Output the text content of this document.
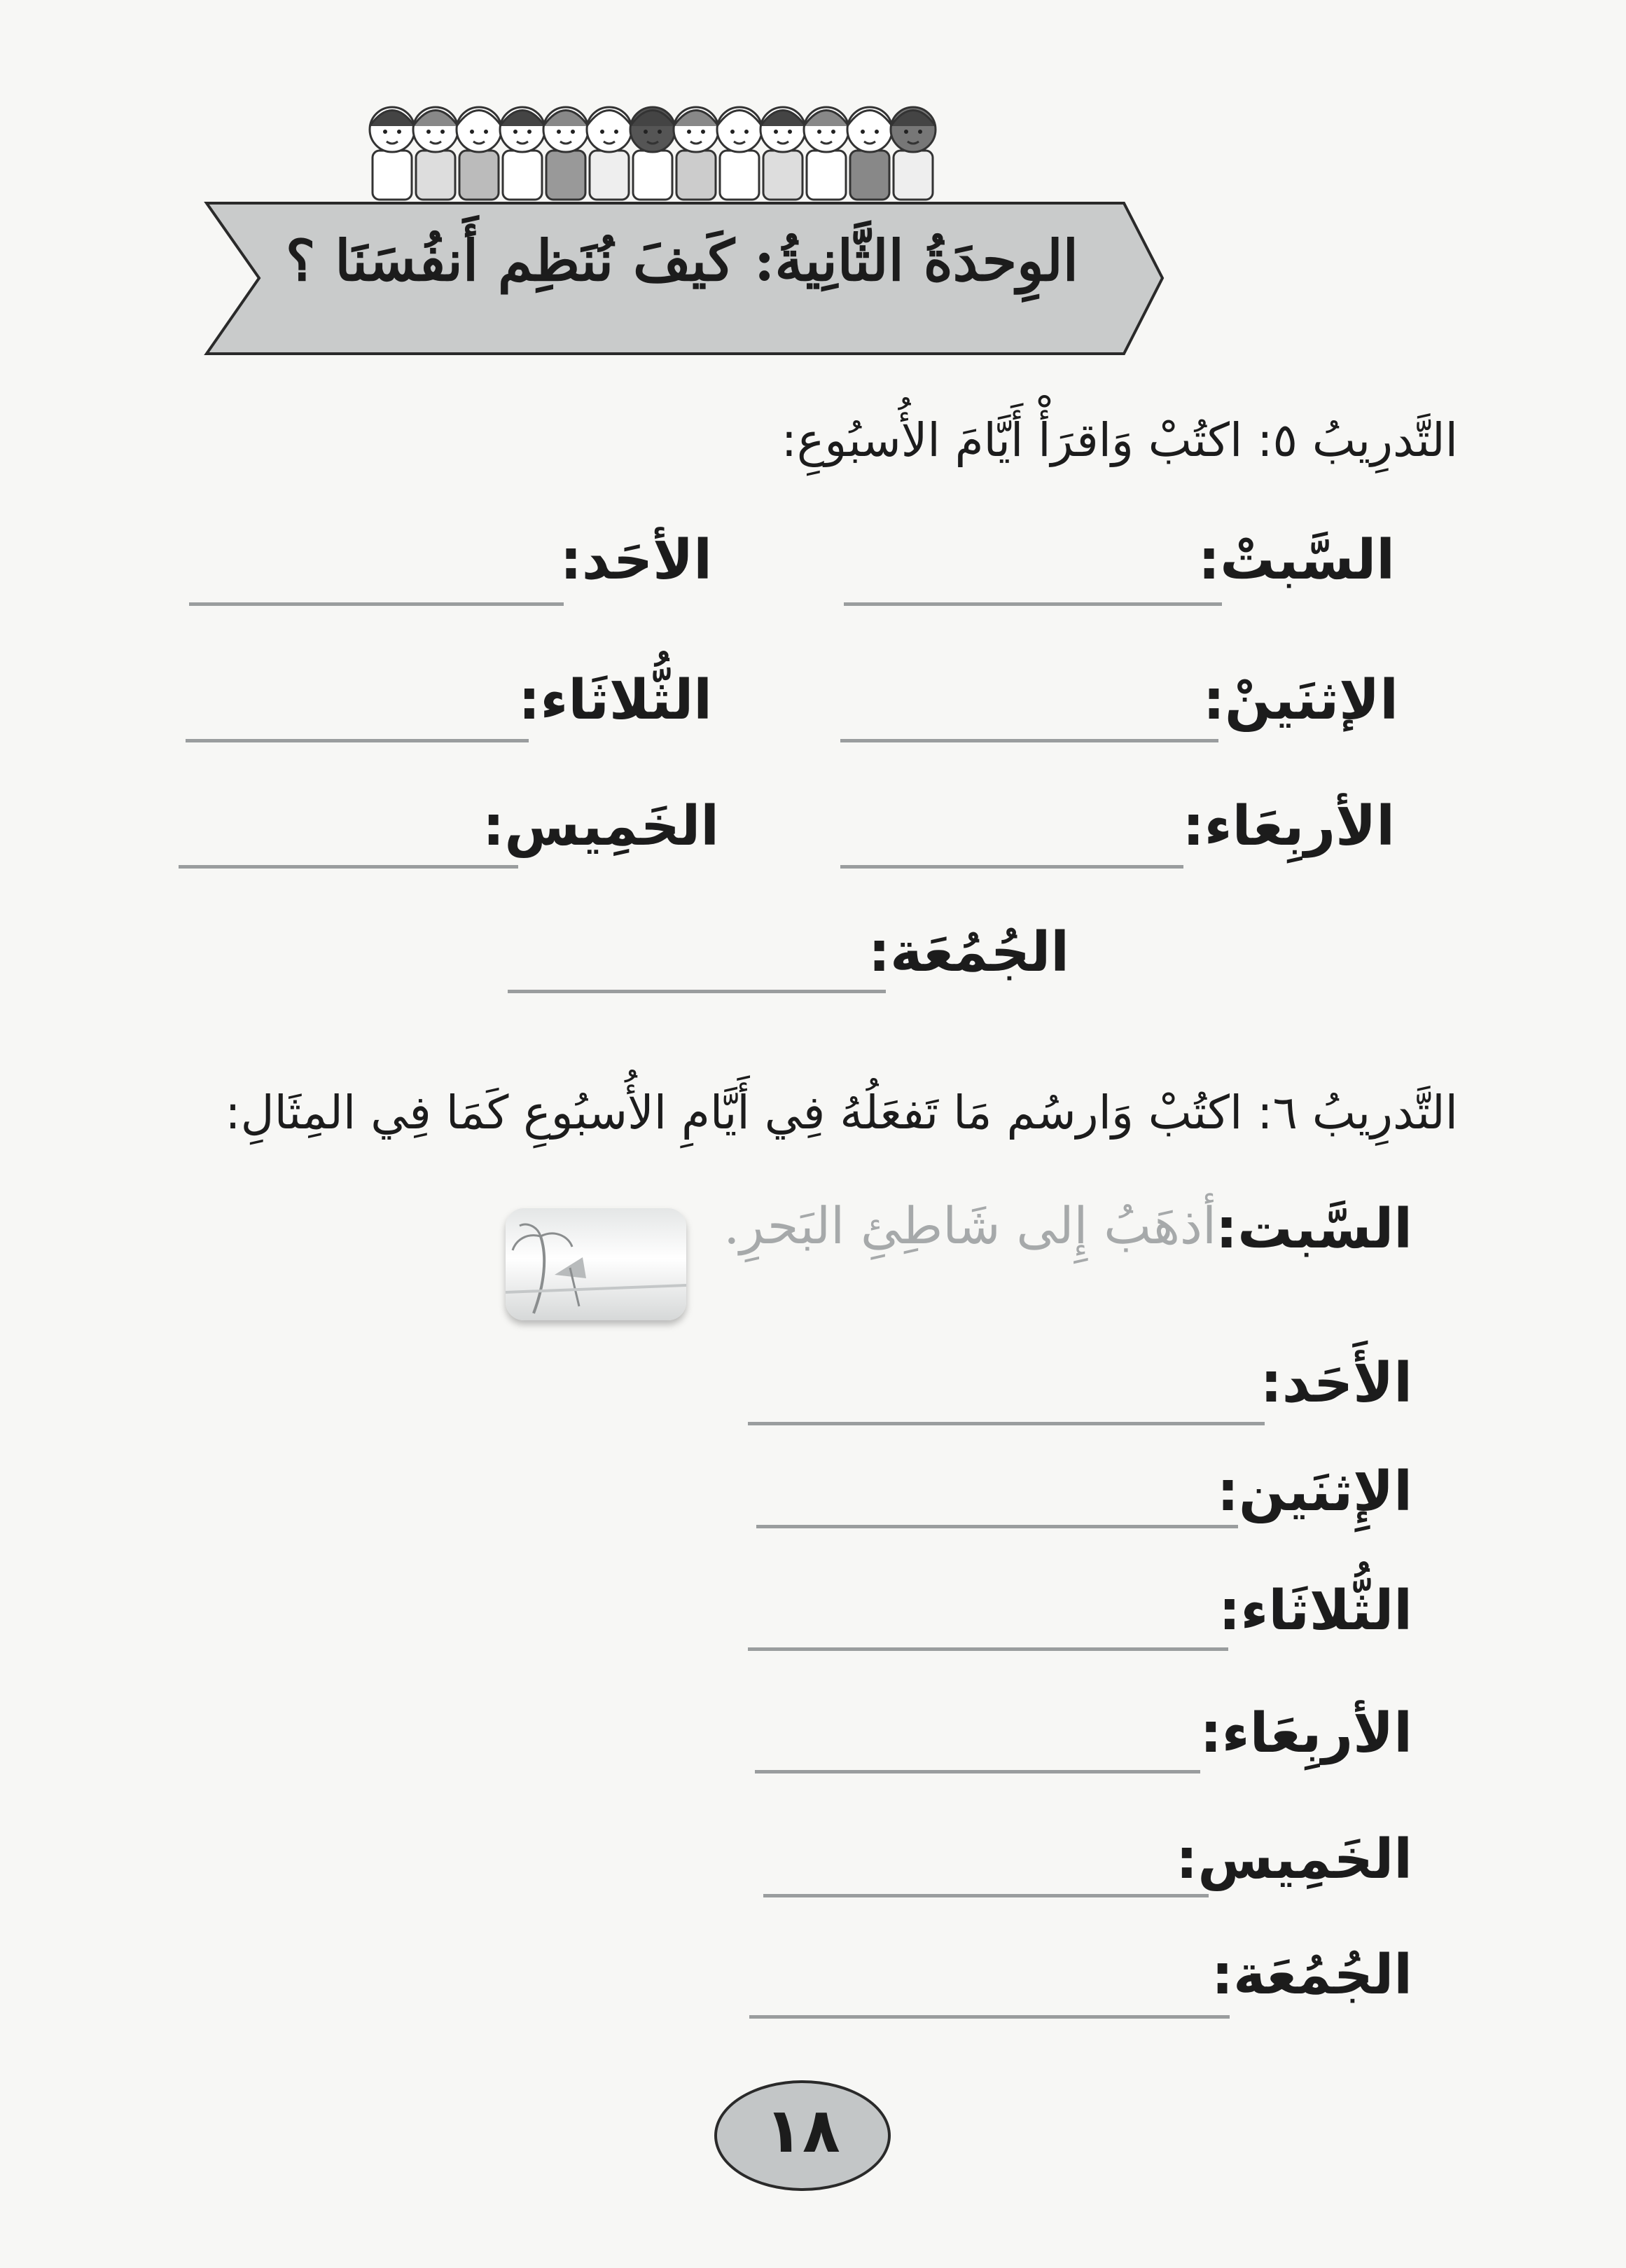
الوِحدَةُ الثَّانِيةُ: كَيفَ نُنَظِم أَنفُسَنَا ؟
التَّدرِيبُ ٥: اكتُبْ وَاقرَأْ أَيَّامَ الأُسبُوعِ:
السَّبتْ:
الأحَد:
الإثنَينْ:
الثُّلاثَاء:
الأربِعَاء:
الخَمِيس:
الجُمُعَة:
التَّدرِيبُ ٦: اكتُبْ وَارسُم مَا تَفعَلُهُ فِي أَيَّامِ الأُسبُوعِ كَمَا فِي المِثَالِ:
السَّبت:
أذهَبُ إِلى شَاطِئِ البَحرِ.
الأَحَد:
الإِثنَين:
الثُّلاثَاء:
الأربِعَاء:
الخَمِيس:
الجُمُعَة:
١٨
